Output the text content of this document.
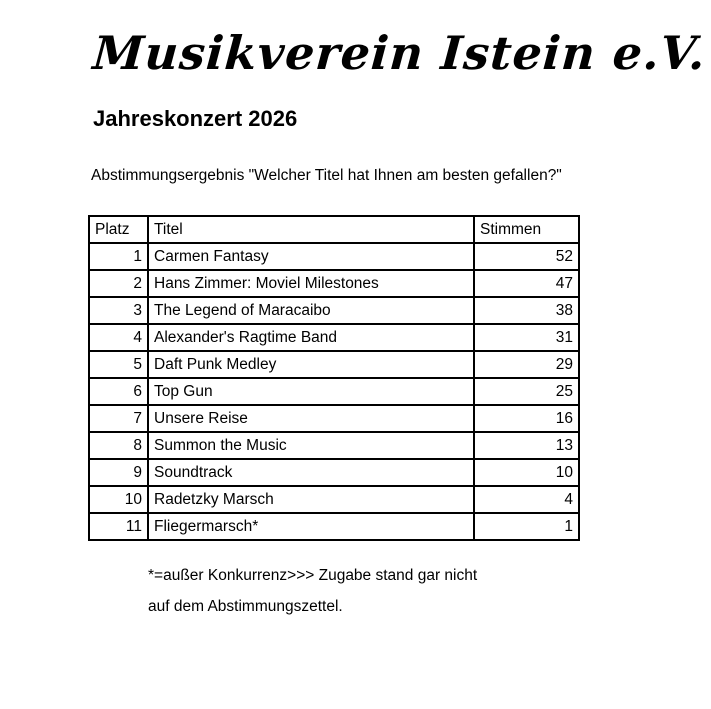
Musikverein Istein e.V.
Jahreskonzert 2026
Abstimmungsergebnis "Welcher Titel hat Ihnen am besten gefallen?"
Platz	Titel	Stimmen
1	Carmen Fantasy	52
2	Hans Zimmer: Moviel Milestones	47
3	The Legend of Maracaibo	38
4	Alexander's Ragtime Band	31
5	Daft Punk Medley	29
6	Top Gun	25
7	Unsere Reise	16
8	Summon the Music	13
9	Soundtrack	10
10	Radetzky Marsch	4
11	Fliegermarsch*	1
*=außer Konkurrenz>>> Zugabe stand gar nicht
auf dem Abstimmungszettel.
